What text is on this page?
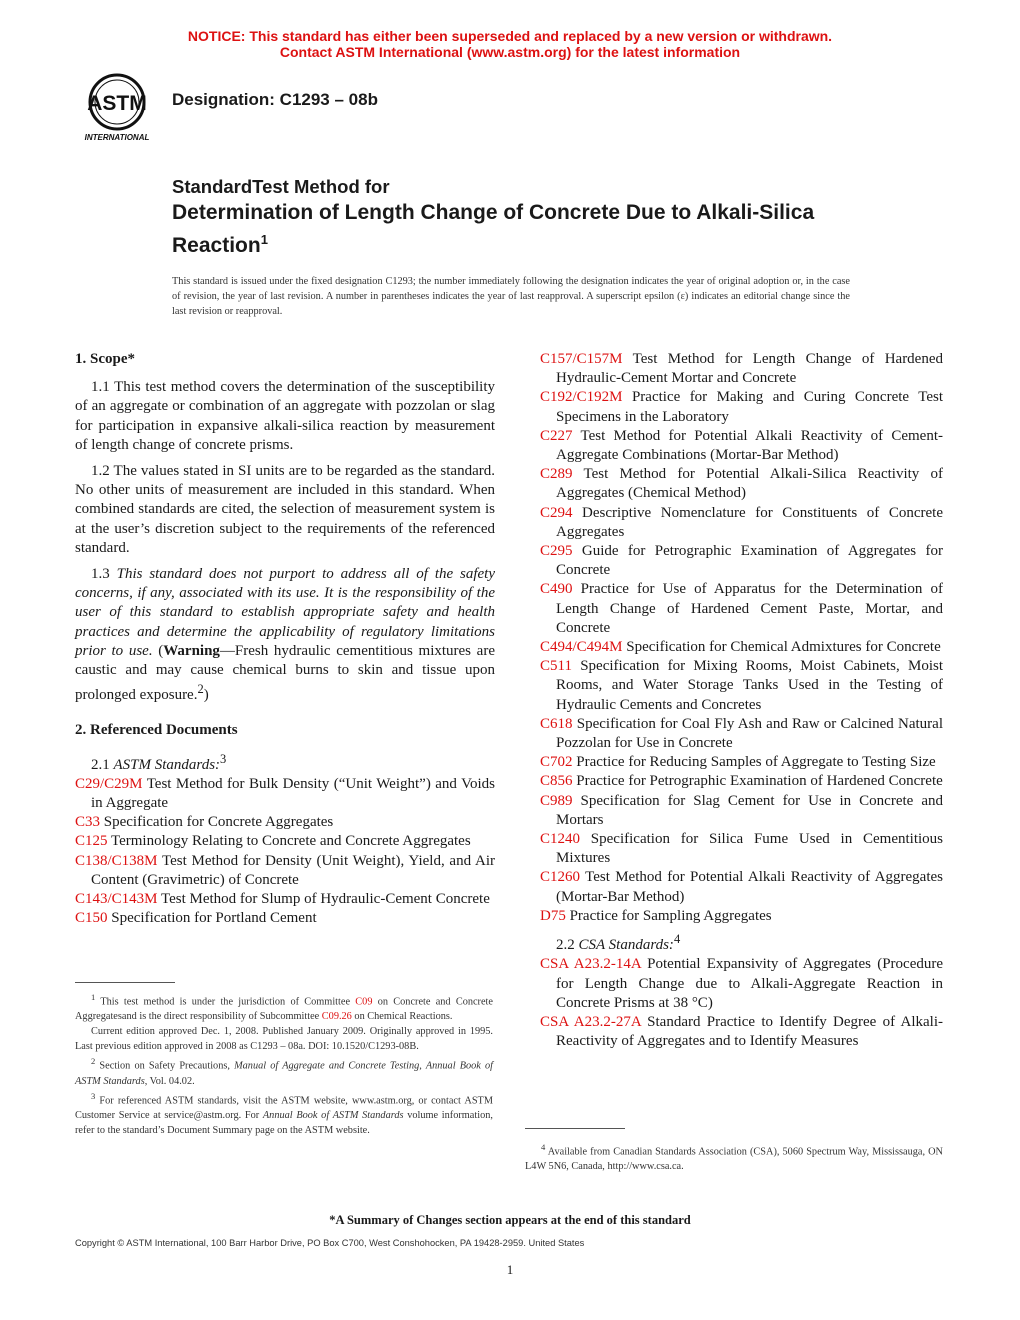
NOTICE: This standard has either been superseded and replaced by a new version or withdrawn.
Contact ASTM International (www.astm.org) for the latest information
ASTM
INTERNATIONAL
Designation: C1293 – 08b
StandardTest Method for
Determination of Length Change of Concrete Due to Alkali-Silica Reaction$^1$
This standard is issued under the fixed designation C1293; the number immediately following the designation indicates the year of original adoption or, in the case of revision, the year of last revision. A number in parentheses indicates the year of last reapproval. A superscript epsilon (ε) indicates an editorial change since the last revision or reapproval.
1. Scope*

1.1 This test method covers the determination of the susceptibility of an aggregate or combination of an aggregate with pozzolan or slag for participation in expansive alkali-silica reaction by measurement of length change of concrete prisms.

1.2 The values stated in SI units are to be regarded as the standard. No other units of measurement are included in this standard. When combined standards are cited, the selection of measurement system is at the user’s discretion subject to the requirements of the referenced standard.

1.3 This standard does not purport to address all of the safety concerns, if any, associated with its use. It is the responsibility of the user of this standard to establish appropriate safety and health practices and determine the applicability of regulatory limitations prior to use. (Warning—Fresh hydraulic cementitious mixtures are caustic and may cause chemical burns to skin and tissue upon prolonged exposure.$^2$)

2. Referenced Documents

2.1 ASTM Standards:$^3$

C29/C29M Test Method for Bulk Density (“Unit Weight”) and Voids in Aggregate

C33 Specification for Concrete Aggregates

C125 Terminology Relating to Concrete and Concrete Aggregates

C138/C138M Test Method for Density (Unit Weight), Yield, and Air Content (Gravimetric) of Concrete

C143/C143M Test Method for Slump of Hydraulic-Cement Concrete

C150 Specification for Portland Cement

C157/C157M Test Method for Length Change of Hardened Hydraulic-Cement Mortar and Concrete

C192/C192M Practice for Making and Curing Concrete Test Specimens in the Laboratory

C227 Test Method for Potential Alkali Reactivity of Cement-Aggregate Combinations (Mortar-Bar Method)

C289 Test Method for Potential Alkali-Silica Reactivity of Aggregates (Chemical Method)

C294 Descriptive Nomenclature for Constituents of Concrete Aggregates

C295 Guide for Petrographic Examination of Aggregates for Concrete

C490 Practice for Use of Apparatus for the Determination of Length Change of Hardened Cement Paste, Mortar, and Concrete

C494/C494M Specification for Chemical Admixtures for Concrete

C511 Specification for Mixing Rooms, Moist Cabinets, Moist Rooms, and Water Storage Tanks Used in the Testing of Hydraulic Cements and Concretes

C618 Specification for Coal Fly Ash and Raw or Calcined Natural Pozzolan for Use in Concrete

C702 Practice for Reducing Samples of Aggregate to Testing Size

C856 Practice for Petrographic Examination of Hardened Concrete

C989 Specification for Slag Cement for Use in Concrete and Mortars

C1240 Specification for Silica Fume Used in Cementitious Mixtures

C1260 Test Method for Potential Alkali Reactivity of Aggregates (Mortar-Bar Method)

D75 Practice for Sampling Aggregates

2.2 CSA Standards:$^4$

CSA A23.2-14A Potential Expansivity of Aggregates (Procedure for Length Change due to Alkali-Aggregate Reaction in Concrete Prisms at 38 °C)

CSA A23.2-27A Standard Practice to Identify Degree of Alkali-Reactivity of Aggregates and to Identify Measures

$^1$ This test method is under the jurisdiction of Committee C09 on Concrete and Concrete Aggregatesand is the direct responsibility of Subcommittee C09.26 on Chemical Reactions.

Current edition approved Dec. 1, 2008. Published January 2009. Originally approved in 1995. Last previous edition approved in 2008 as C1293 – 08a. DOI: 10.1520/C1293-08B.

$^2$ Section on Safety Precautions, Manual of Aggregate and Concrete Testing, Annual Book of ASTM Standards, Vol. 04.02.

$^3$ For referenced ASTM standards, visit the ASTM website, www.astm.org, or contact ASTM Customer Service at service@astm.org. For Annual Book of ASTM Standards volume information, refer to the standard’s Document Summary page on the ASTM website.

$^4$ Available from Canadian Standards Association (CSA), 5060 Spectrum Way, Mississauga, ON L4W 5N6, Canada, http://www.csa.ca.
*A Summary of Changes section appears at the end of this standard
Copyright © ASTM International, 100 Barr Harbor Drive, PO Box C700, West Conshohocken, PA 19428-2959. United States
1
